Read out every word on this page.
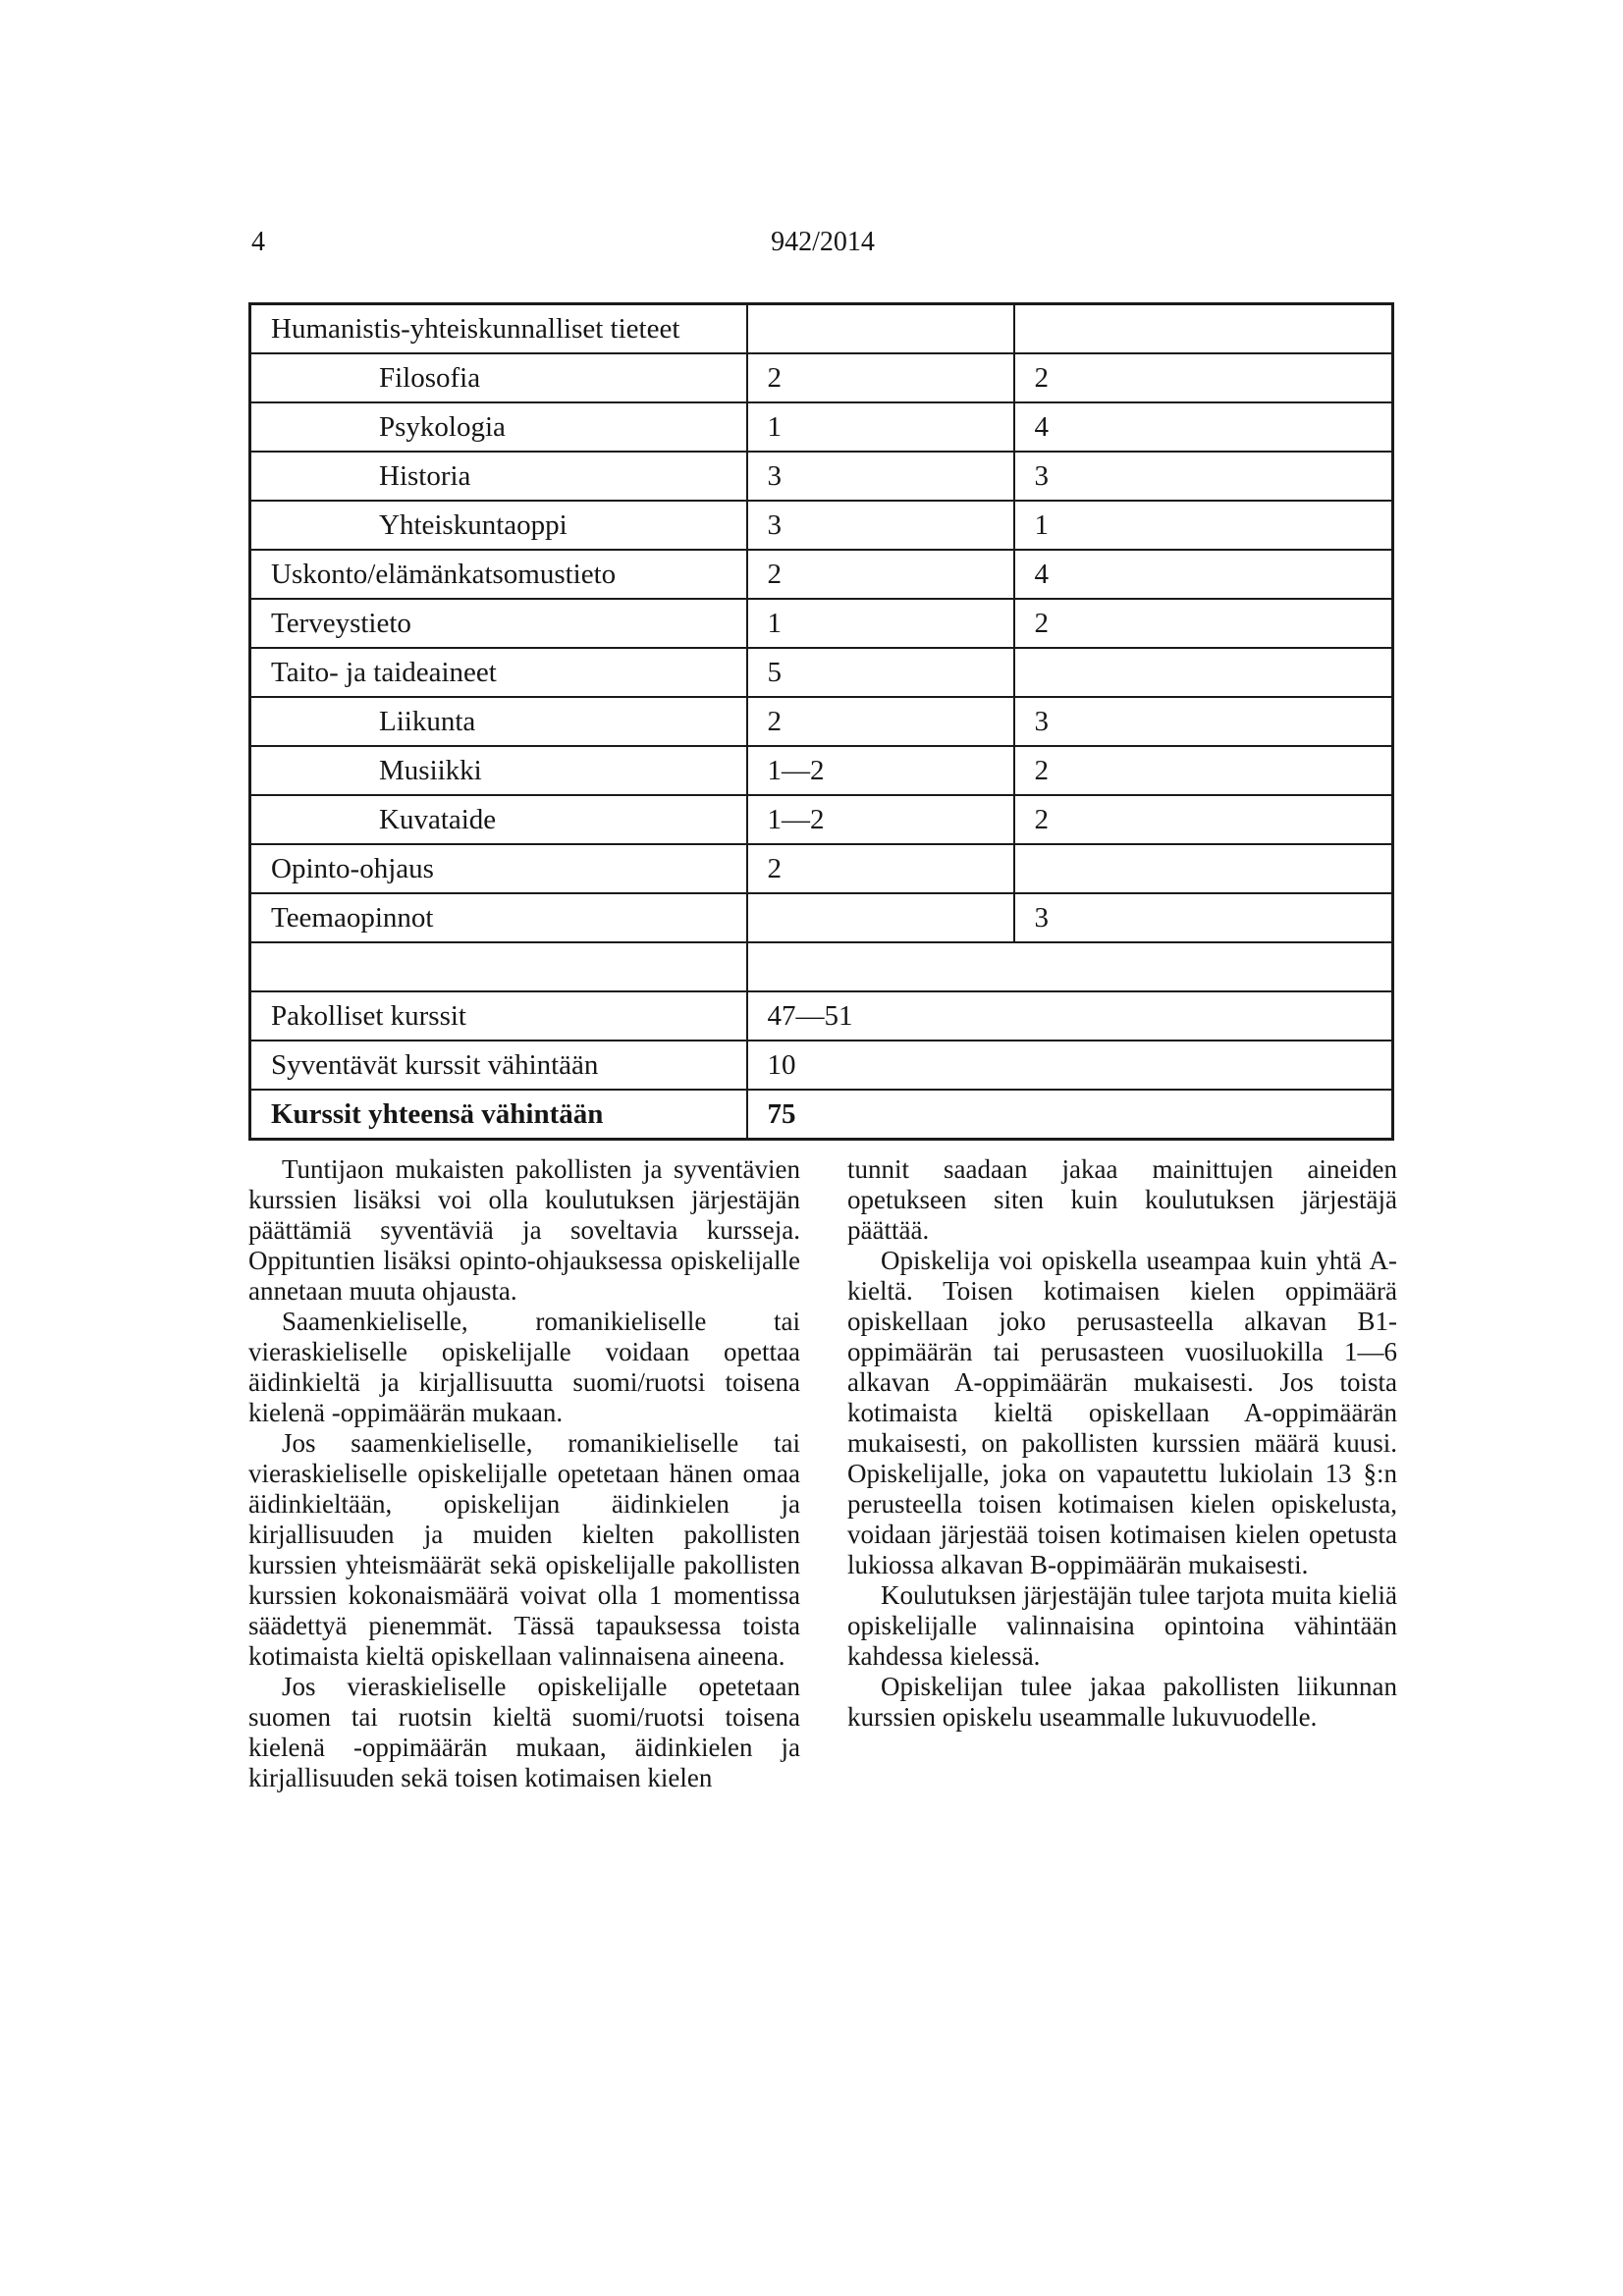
4	942/2014
Humanistis-yhteiskunnalliset tieteet		
Filosofia	2	2
Psykologia	1	4
Historia	3	3
Yhteiskuntaoppi	3	1
Uskonto/elämänkatsomustieto	2	4
Terveystieto	1	2
Taito- ja taideaineet	5	
Liikunta	2	3
Musiikki	1—2	2
Kuvataide	1—2	2
Opinto-ohjaus	2	
Teemaopinnot		3

Pakolliset kurssit	47—51	
Syventävät kurssit vähintään	10	
Kurssit yhteensä vähintään	75	

Tuntijaon mukaisten pakollisten ja syventävien kurssien lisäksi voi olla koulutuksen järjestäjän päättämiä syventäviä ja soveltavia kursseja. Oppituntien lisäksi opinto-ohjauksessa opiskelijalle annetaan muuta ohjausta.

Saamenkieliselle, romanikieliselle tai vieraskieliselle opiskelijalle voidaan opettaa äidinkieltä ja kirjallisuutta suomi/ruotsi toisena kielenä -oppimäärän mukaan.

Jos saamenkieliselle, romanikieliselle tai vieraskieliselle opiskelijalle opetetaan hänen omaa äidinkieltään, opiskelijan äidinkielen ja kirjallisuuden ja muiden kielten pakollisten kurssien yhteismäärät sekä opiskelijalle pakollisten kurssien kokonaismäärä voivat olla 1 momentissa säädettyä pienemmät. Tässä tapauksessa toista kotimaista kieltä opiskellaan valinnaisena aineena.

Jos vieraskieliselle opiskelijalle opetetaan suomen tai ruotsin kieltä suomi/ruotsi toisena kielenä -oppimäärän mukaan, äidinkielen ja kirjallisuuden sekä toisen kotimaisen kielen

tunnit saadaan jakaa mainittujen aineiden opetukseen siten kuin koulutuksen järjestäjä päättää.

Opiskelija voi opiskella useampaa kuin yhtä A-kieltä. Toisen kotimaisen kielen oppimäärä opiskellaan joko perusasteella alkavan B1-oppimäärän tai perusasteen vuosiluokilla 1—6 alkavan A-oppimäärän mukaisesti. Jos toista kotimaista kieltä opiskellaan A-oppimäärän mukaisesti, on pakollisten kurssien määrä kuusi. Opiskelijalle, joka on vapautettu lukiolain 13 §:n perusteella toisen kotimaisen kielen opiskelusta, voidaan järjestää toisen kotimaisen kielen opetusta lukiossa alkavan B-oppimäärän mukaisesti.

Koulutuksen järjestäjän tulee tarjota muita kieliä opiskelijalle valinnaisina opintoina vähintään kahdessa kielessä.

Opiskelijan tulee jakaa pakollisten liikunnan kurssien opiskelu useammalle lukuvuodelle.
